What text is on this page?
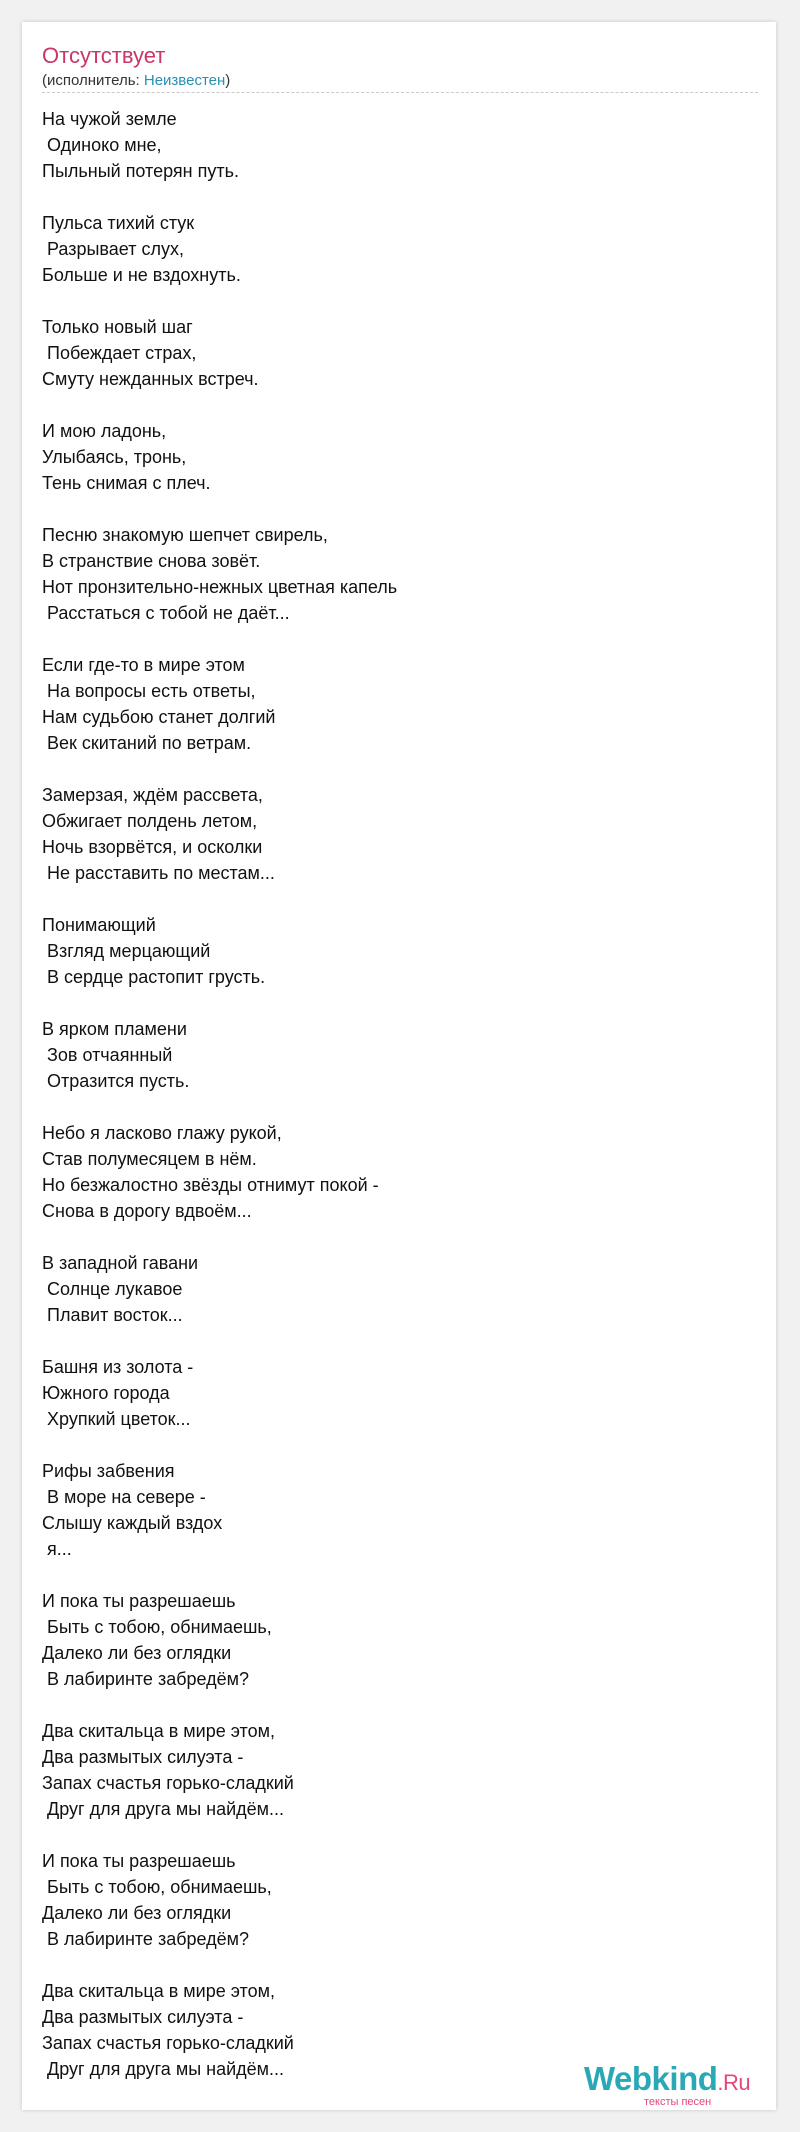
Отсутствует
(исполнитель: Неизвестен)
На чужой земле
Одиноко мне,
Пыльный потерян путь.
Пульса тихий стук
Разрывает слух,
Больше и не вздохнуть.
Только новый шаг
Побеждает страх,
Смуту нежданных встреч.
И мою ладонь,
Улыбаясь, тронь,
Тень снимая с плеч.
Песню знакомую шепчет свирель,
В странствие снова зовёт.
Нот пронзительно-нежных цветная капель
Расстаться с тобой не даёт...
Если где-то в мире этом
На вопросы есть ответы,
Нам судьбою станет долгий
Век скитаний по ветрам.
Замерзая, ждём рассвета,
Обжигает полдень летом,
Ночь взорвётся, и осколки
Не расставить по местам...
Понимающий
Взгляд мерцающий
В сердце растопит грусть.
В ярком пламени
Зов отчаянный
Отразится пусть.
Небо я ласково глажу рукой,
Став полумесяцем в нём.
Но безжалостно звёзды отнимут покой -
Снова в дорогу вдвоём...
В западной гавани
Солнце лукавое
Плавит восток...
Башня из золота -
Южного города
Хрупкий цветок...
Рифы забвения
В море на севере -
Слышу каждый вздох
я...
И пока ты разрешаешь
Быть с тобою, обнимаешь,
Далеко ли без оглядки
В лабиринте забредём?
Два скитальца в мире этом,
Два размытых силуэта -
Запах счастья горько-сладкий
Друг для друга мы найдём...
И пока ты разрешаешь
Быть с тобою, обнимаешь,
Далеко ли без оглядки
В лабиринте забредём?
Два скитальца в мире этом,
Два размытых силуэта -
Запах счастья горько-сладкий
Друг для друга мы найдём...	Webkind.Ru
тексты песен
